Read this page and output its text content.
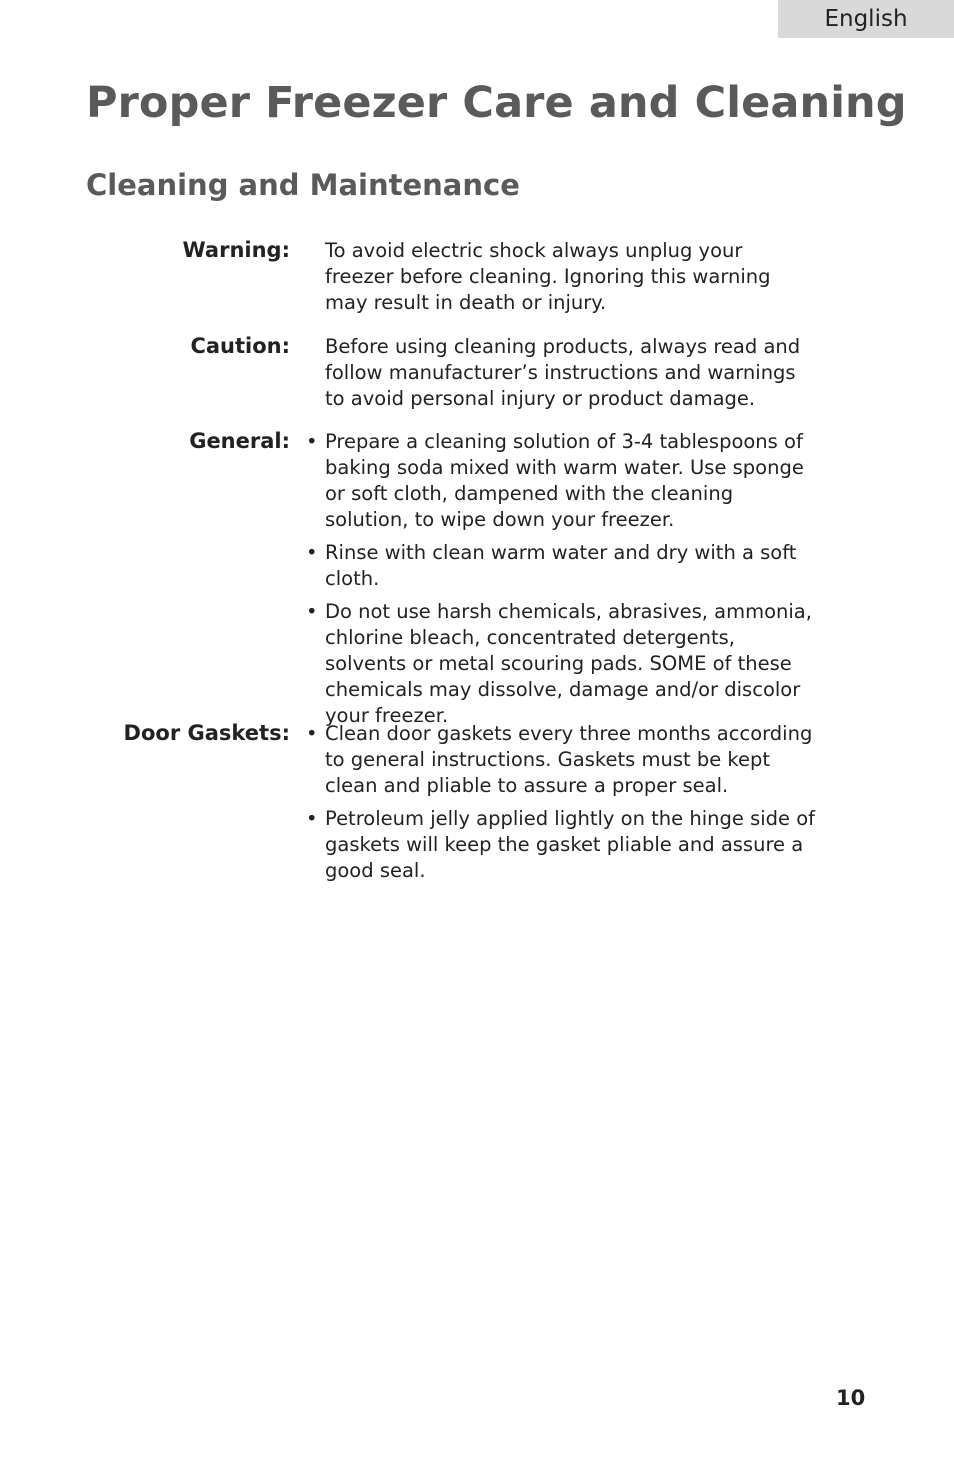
English
Proper Freezer Care and Cleaning
Cleaning and Maintenance
Warning: To avoid electric shock always unplug your freezer before cleaning. Ignoring this warning may result in death or injury.
Caution: Before using cleaning products, always read and follow manufacturer’s instructions and warnings to avoid personal injury or product damage.
General: • Prepare a cleaning solution of 3-4 tablespoons of baking soda mixed with warm water. Use sponge or soft cloth, dampened with the cleaning solution, to wipe down your freezer.
• Rinse with clean warm water and dry with a soft cloth.
• Do not use harsh chemicals, abrasives, ammonia, chlorine bleach, concentrated detergents, solvents or metal scouring pads. SOME of these chemicals may dissolve, damage and/or discolor your freezer.
Door Gaskets: • Clean door gaskets every three months according to general instructions. Gaskets must be kept clean and pliable to assure a proper seal.
• Petroleum jelly applied lightly on the hinge side of gaskets will keep the gasket pliable and assure a good seal.
10
